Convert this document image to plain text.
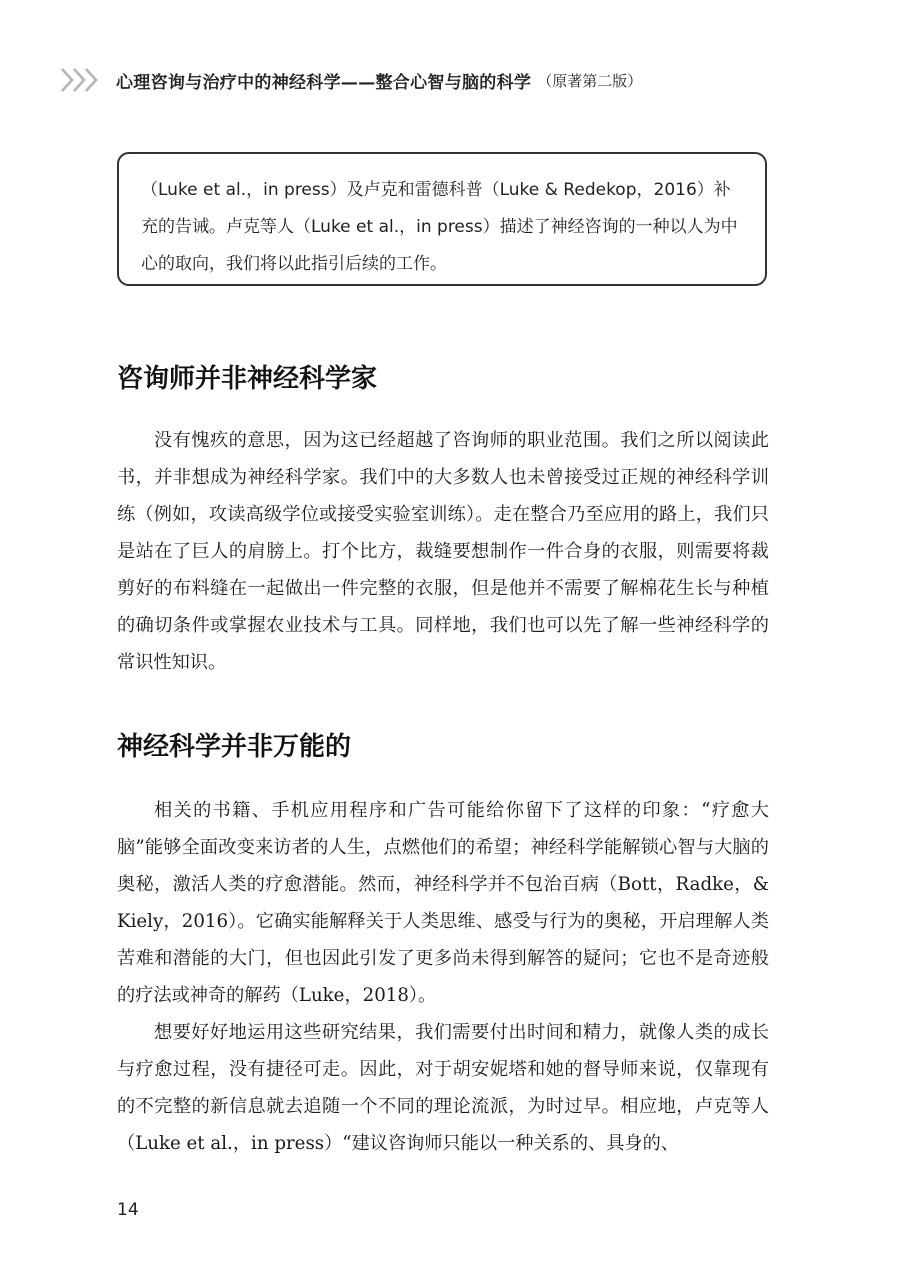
心理咨询与治疗中的神经科学——整合心智与脑的科学 （原著第二版）

（Luke et al.，in press）及卢克和雷德科普（Luke & Redekop，2016）补充的告诫。卢克等人（Luke et al.，in press）描述了神经咨询的一种以人为中心的取向，我们将以此指引后续的工作。

咨询师并非神经科学家

没有愧疚的意思，因为这已经超越了咨询师的职业范围。我们之所以阅读此书，并非想成为神经科学家。我们中的大多数人也未曾接受过正规的神经科学训练（例如，攻读高级学位或接受实验室训练）。走在整合乃至应用的路上，我们只是站在了巨人的肩膀上。打个比方，裁缝要想制作一件合身的衣服，则需要将裁剪好的布料缝在一起做出一件完整的衣服，但是他并不需要了解棉花生长与种植的确切条件或掌握农业技术与工具。同样地，我们也可以先了解一些神经科学的常识性知识。

神经科学并非万能的

相关的书籍、手机应用程序和广告可能给你留下了这样的印象：“疗愈大脑”能够全面改变来访者的人生，点燃他们的希望；神经科学能解锁心智与大脑的奥秘，激活人类的疗愈潜能。然而，神经科学并不包治百病（Bott，Radke，& Kiely，2016）。它确实能解释关于人类思维、感受与行为的奥秘，开启理解人类苦难和潜能的大门，但也因此引发了更多尚未得到解答的疑问；它也不是奇迹般的疗法或神奇的解药（Luke，2018）。

想要好好地运用这些研究结果，我们需要付出时间和精力，就像人类的成长与疗愈过程，没有捷径可走。因此，对于胡安妮塔和她的督导师来说，仅靠现有的不完整的新信息就去追随一个不同的理论流派，为时过早。相应地，卢克等人（Luke et al.，in press）“建议咨询师只能以一种关系的、具身的、

14
